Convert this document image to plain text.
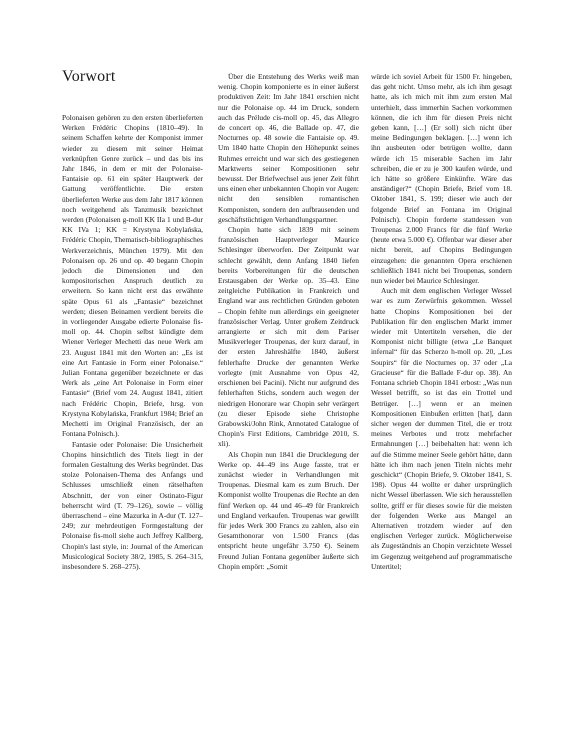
Vorwort

Polonaisen gehören zu den ersten überlieferten Werken Frédéric Chopins (1810–49). In seinem Schaffen kehrte der Komponist immer wieder zu diesem mit seiner Heimat verknüpften Genre zurück – und das bis ins Jahr 1846, in dem er mit der Polonaise-Fantaisie op. 61 ein später Hauptwerk der Gattung veröffentlichte. Die ersten überlieferten Werke aus dem Jahr 1817 können noch weitgehend als Tanzmusik bezeichnet werden (Polonaisen g-moll KK IIa 1 und B-dur KK IVa 1; KK = Krystyna Kobylańska, Frédéric Chopin, Thematisch-bibliographisches Werkverzeichnis, München 1979). Mit den Polonaisen op. 26 und op. 40 begann Chopin jedoch die Dimensionen und den kompositorischen Anspruch deutlich zu erweitern. So kann nicht erst das erwähnte späte Opus 61 als „Fantasie“ bezeichnet werden; diesen Beinamen verdient bereits die in vorliegender Ausgabe edierte Polonaise fis-moll op. 44. Chopin selbst kündigte dem Wiener Verleger Mechetti das neue Werk am 23. August 1841 mit den Worten an: „Es ist eine Art Fantasie in Form einer Polonaise.“ Julian Fontana gegenüber bezeichnete er das Werk als „eine Art Polonaise in Form einer Fantasie“ (Brief vom 24. August 1841, zitiert nach Frédéric Chopin, Briefe, hrsg. von Krystyna Kobylańska, Frankfurt 1984; Brief an Mechetti im Original Französisch, der an Fontana Polnisch.).

Fantasie oder Polonaise: Die Unsicherheit Chopins hinsichtlich des Titels liegt in der formalen Gestaltung des Werks begründet. Das stolze Polonaisen-Thema des Anfangs und Schlusses umschließt einen rätselhaften Abschnitt, der von einer Ostinato-Figur beherrscht wird (T. 79–126), sowie – völlig überraschend – eine Mazurka in A-dur (T. 127–249; zur mehrdeutigen Formgestaltung der Polonaise fis-moll siehe auch Jeffrey Kallberg, Chopin's last style, in: Journal of the American Musicological Society 38/2, 1985, S. 264–315, insbesondere S. 268–275).

Über die Entstehung des Werks weiß man wenig. Chopin komponierte es in einer äußerst produktiven Zeit: Im Jahr 1841 erschien nicht nur die Polonaise op. 44 im Druck, sondern auch das Prélude cis-moll op. 45, das Allegro de concert op. 46, die Ballade op. 47, die Nocturnes op. 48 sowie die Fantaisie op. 49. Um 1840 hatte Chopin den Höhepunkt seines Ruhmes erreicht und war sich des gestiegenen Marktwerts seiner Kompositionen sehr bewusst. Der Briefwechsel aus jener Zeit führt uns einen eher unbekannten Chopin vor Augen: nicht den sensiblen romantischen Komponisten, sondern den aufbrausenden und geschäftstüchtigen Verhandlungspartner.

Chopin hatte sich 1839 mit seinem französischen Hauptverleger Maurice Schlesinger überworfen. Der Zeitpunkt war schlecht gewählt, denn Anfang 1840 liefen bereits Vorbereitungen für die deutschen Erstausgaben der Werke op. 35–43. Eine zeitgleiche Publikation in Frankreich und England war aus rechtlichen Gründen geboten – Chopin fehlte nun allerdings ein geeigneter französischer Verlag. Unter großem Zeitdruck arrangierte er sich mit dem Pariser Musikverleger Troupenas, der kurz darauf, in der ersten Jahreshälfte 1840, äußerst fehlerhafte Drucke der genannten Werke vorlegte (mit Ausnahme von Opus 42, erschienen bei Pacini). Nicht nur aufgrund des fehlerhaften Stichs, sondern auch wegen der niedrigen Honorare war Chopin sehr verärgert (zu dieser Episode siehe Christophe Grabowski/John Rink, Annotated Catalogue of Chopin's First Editions, Cambridge 2010, S. xli).

Als Chopin nun 1841 die Drucklegung der Werke op. 44–49 ins Auge fasste, trat er zunächst wieder in Verhandlungen mit Troupenas. Diesmal kam es zum Bruch. Der Komponist wollte Troupenas die Rechte an den fünf Werken op. 44 und 46–49 für Frankreich und England verkaufen. Troupenas war gewillt für jedes Werk 300 Francs zu zahlen, also ein Gesamthonorar von 1.500 Francs (das entspricht heute ungefähr 3.750 €). Seinem Freund Julian Fontana gegenüber äußerte sich Chopin empört: „Somit

würde ich soviel Arbeit für 1500 Fr. hingeben, das geht nicht. Umso mehr, als ich ihm gesagt hatte, als ich mich mit ihm zum ersten Mal unterhielt, dass immerhin Sachen vorkommen können, die ich ihm für diesen Preis nicht geben kann, […] (Er soll) sich nicht über meine Bedingungen beklagen. […] wenn ich ihn ausbeuten oder betrügen wollte, dann würde ich 15 miserable Sachen im Jahr schreiben, die er zu je 300 kaufen würde, und ich hätte so größere Einkünfte. Wäre das anständiger?“ (Chopin Briefe, Brief vom 18. Oktober 1841, S. 199; dieser wie auch der folgende Brief an Fontana im Original Polnisch). Chopin forderte stattdessen von Troupenas 2.000 Francs für die fünf Werke (heute etwa 5.000 €). Offenbar war dieser aber nicht bereit, auf Chopins Bedingungen einzugehen: die genannten Opera erschienen schließlich 1841 nicht bei Troupenas, sondern nun wieder bei Maurice Schlesinger.

Auch mit dem englischen Verleger Wessel war es zum Zerwürfnis gekommen. Wessel hatte Chopins Kompositionen bei der Publikation für den englischen Markt immer wieder mit Untertiteln versehen, die der Komponist nicht billigte (etwa „Le Banquet infernal“ für das Scherzo h-moll op. 20, „Les Soupirs“ für die Nocturnes op. 37 oder „La Gracieuse“ für die Ballade F-dur op. 38). An Fontana schrieb Chopin 1841 erbost: „Was nun Wessel betrifft, so ist das ein Trottel und Betrüger. […] wenn er an meinen Kompositionen Einbußen erlitten [hat], dann sicher wegen der dummen Titel, die er trotz meines Verbotes und trotz mehrfacher Ermahnungen […] beibehalten hat: wenn ich auf die Stimme meiner Seele gehört hätte, dann hätte ich ihm nach jenen Titeln nichts mehr geschickt“ (Chopin Briefe, 9. Oktober 1841, S. 198). Opus 44 wollte er daher ursprünglich nicht Wessel überlassen. Wie sich herausstellen sollte, griff er für dieses sowie für die meisten der folgenden Werke aus Mangel an Alternativen trotzdem wieder auf den englischen Verleger zurück. Möglicherweise als Zugeständnis an Chopin verzichtete Wessel im Gegenzug weitgehend auf programmatische Untertitel;
